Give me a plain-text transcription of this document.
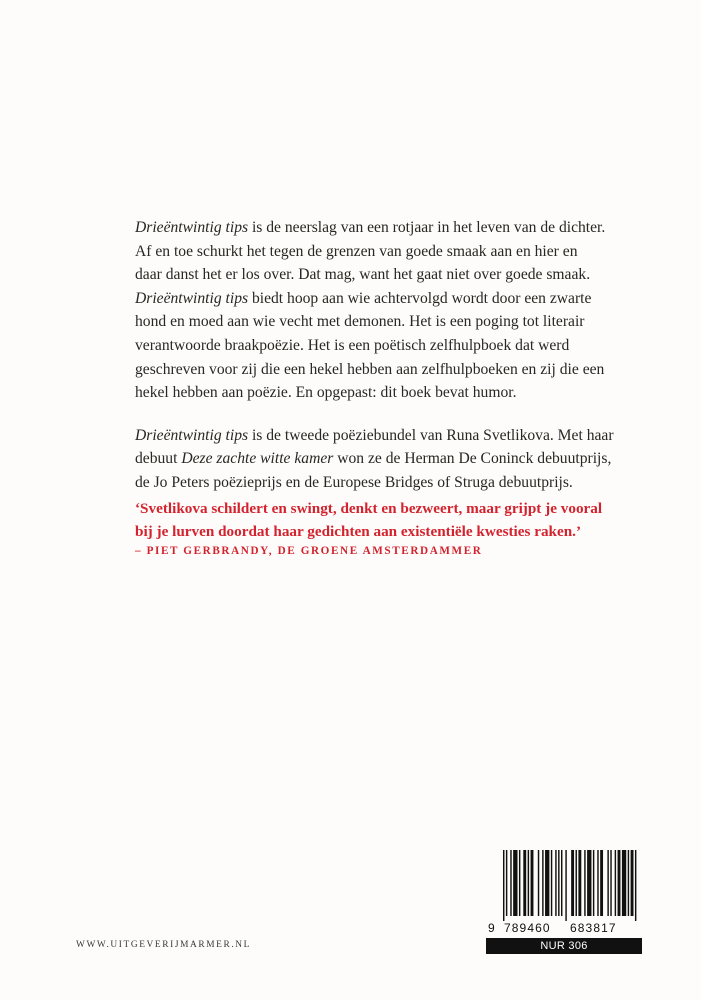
Drieëntwintig tips is de neerslag van een rotjaar in het leven van de dichter.

Af en toe schurkt het tegen de grenzen van goede smaak aan en hier en

daar danst het er los over. Dat mag, want het gaat niet over goede smaak.

Drieëntwintig tips biedt hoop aan wie achtervolgd wordt door een zwarte

hond en moed aan wie vecht met demonen. Het is een poging tot literair

verantwoorde braakpoëzie. Het is een poëtisch zelfhulpboek dat werd

geschreven voor zij die een hekel hebben aan zelfhulpboeken en zij die een

hekel hebben aan poëzie. En opgepast: dit boek bevat humor.

Drieëntwintig tips is de tweede poëziebundel van Runa Svetlikova. Met haar

debuut Deze zachte witte kamer won ze de Herman De Coninck debuutprijs,

de Jo Peters poëzieprijs en de Europese Bridges of Struga debuutprijs.

‘Svetlikova schildert en swingt, denkt en bezweert, maar grijpt je vooral

bij je lurven doordat haar gedichten aan existentiële kwesties raken.’

– PIET GERBRANDY, DE GROENE AMSTERDAMMER

WWW.UITGEVERIJMARMER.NL
9 789460 683817
NUR 306
